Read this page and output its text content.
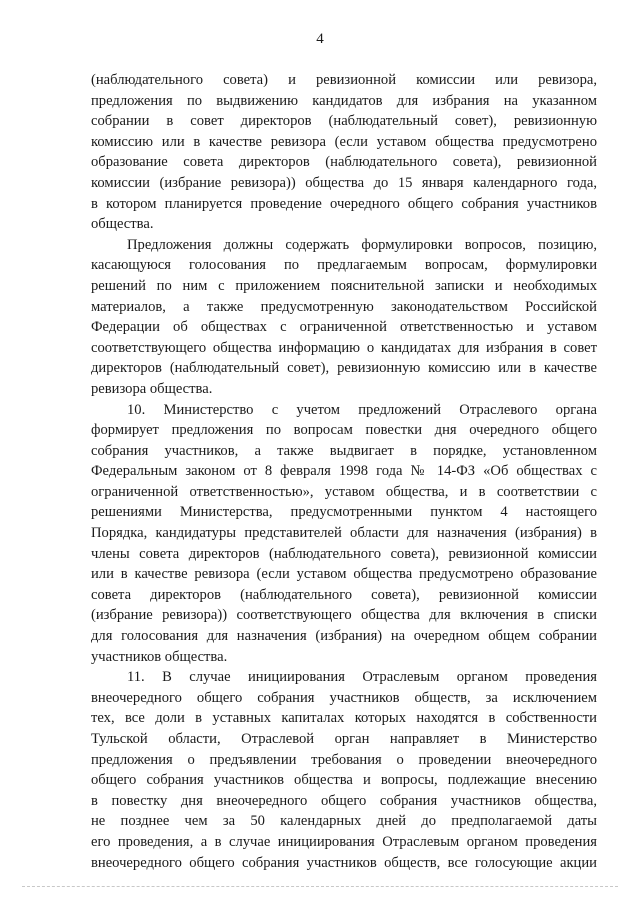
4

(наблюдательного совета) и ревизионной комиссии или ревизора,
предложения по выдвижению кандидатов для избрания на указанном
собрании в совет директоров (наблюдательный совет), ревизионную
комиссию или в качестве ревизора (если уставом общества предусмотрено
образование совета директоров (наблюдательного совета), ревизионной
комиссии (избрание ревизора)) общества до 15 января календарного года,
в котором планируется проведение очередного общего собрания участников
общества.

Предложения должны содержать формулировки вопросов, позицию,
касающуюся голосования по предлагаемым вопросам, формулировки
решений по ним с приложением пояснительной записки и необходимых
материалов, а также предусмотренную законодательством Российской
Федерации об обществах с ограниченной ответственностью и уставом
соответствующего общества информацию о кандидатах для избрания в совет
директоров (наблюдательный совет), ревизионную комиссию или в качестве
ревизора общества.

10. Министерство с учетом предложений Отраслевого органа
формирует предложения по вопросам повестки дня очередного общего
собрания участников, а также выдвигает в порядке, установленном
Федеральным законом от 8 февраля 1998 года № 14-ФЗ «Об обществах с
ограниченной ответственностью», уставом общества, и в соответствии с
решениями Министерства, предусмотренными пунктом 4 настоящего
Порядка, кандидатуры представителей области для назначения (избрания) в
члены совета директоров (наблюдательного совета), ревизионной комиссии
или в качестве ревизора (если уставом общества предусмотрено образование
совета директоров (наблюдательного совета), ревизионной комиссии
(избрание ревизора)) соответствующего общества для включения в списки
для голосования для назначения (избрания) на очередном общем собрании
участников общества.

11. В случае инициирования Отраслевым органом проведения
внеочередного общего собрания участников обществ, за исключением
тех, все доли в уставных капиталах которых находятся в собственности
Тульской области, Отраслевой орган направляет в Министерство
предложения о предъявлении требования о проведении внеочередного
общего собрания участников общества и вопросы, подлежащие внесению
в повестку дня внеочередного общего собрания участников общества,
не позднее чем за 50 календарных дней до предполагаемой даты
его проведения, а в случае инициирования Отраслевым органом проведения
внеочередного общего собрания участников обществ, все голосующие акции
